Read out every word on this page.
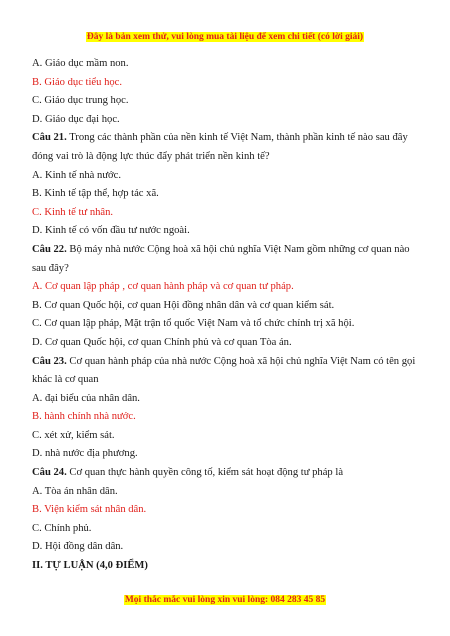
Đây là bản xem thử, vui lòng mua tài liệu để xem chi tiết (có lời giải)

A. Giáo dục mầm non.

B. Giáo dục tiểu học.

C. Giáo dục trung học.

D. Giáo dục đại học.

Câu 21. Trong các thành phần của nền kinh tế Việt Nam, thành phần kinh tế nào sau đây đóng vai trò là động lực thúc đẩy phát triển nền kinh tế?

A. Kinh tế nhà nước.

B. Kinh tế tập thể, hợp tác xã.

C. Kinh tế tư nhân.

D. Kinh tế có vốn đầu tư nước ngoài.

Câu 22. Bộ máy nhà nước Cộng hoà xã hội chủ nghĩa Việt Nam gồm những cơ quan nào sau đây?

A. Cơ quan lập pháp , cơ quan hành pháp và cơ quan tư pháp.

B. Cơ quan Quốc hội, cơ quan Hội đồng nhân dân và cơ quan kiểm sát.

C. Cơ quan lập pháp, Mặt trận tổ quốc Việt Nam và tổ chức chính trị xã hội.

D. Cơ quan Quốc hội, cơ quan Chính phủ và cơ quan Tòa án.

Câu 23. Cơ quan hành pháp của nhà nước Cộng hoà xã hội chủ nghĩa Việt Nam có tên gọi khác là cơ quan

A. đại biểu của nhân dân.

B. hành chính nhà nước.

C. xét xử, kiểm sát.

D. nhà nước địa phương.

Câu 24. Cơ quan thực hành quyền công tố, kiểm sát hoạt động tư pháp là

A. Tòa án nhân dân.

B. Viện kiểm sát nhân dân.

C. Chính phủ.

D. Hội đồng dân dân.

II. TỰ LUẬN (4,0 ĐIỂM)

Mọi thắc mắc vui lòng xin vui lòng: 084 283 45 85
